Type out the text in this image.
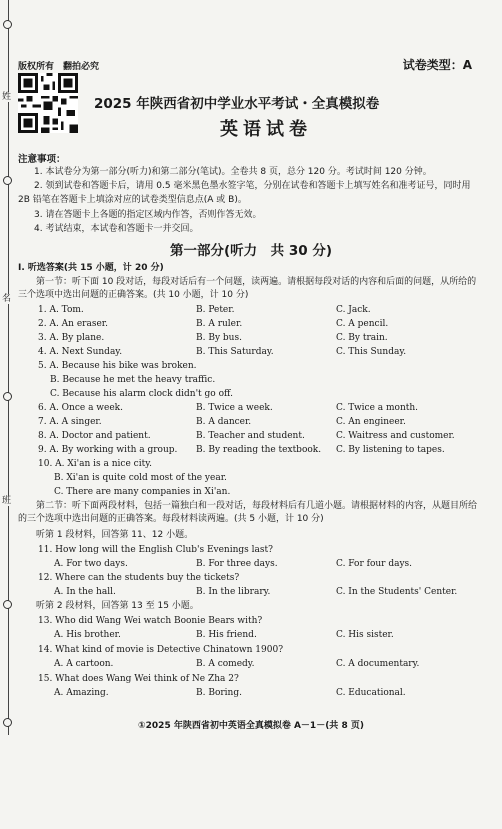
姓
名
班
版权所有　翻拍必究	试卷类型：A
2025 年陕西省初中学业水平考试・全真模拟卷
英语试卷
注意事项：

1. 本试卷分为第一部分(听力)和第二部分(笔试)。全卷共 8 页，总分 120 分。考试时间 120 分钟。

2. 领到试卷和答题卡后，请用 0.5 毫米黑色墨水签字笔，分别在试卷和答题卡上填写姓名和准考证号，同时用 2B 铅笔在答题卡上填涂对应的试卷类型信息点(A 或 B)。

3. 请在答题卡上各题的指定区域内作答，否则作答无效。

4. 考试结束，本试卷和答题卡一并交回。

第一部分(听力　共 30 分)
Ⅰ. 听选答案(共 15 小题，计 20 分)

第一节：听下面 10 段对话，每段对话后有一个问题，读两遍。请根据每段对话的内容和后面的问题，从所给的三个选项中选出问题的正确答案。(共 10 小题，计 10 分)

1. A. Tom.	B. Peter.	C. Jack.
2. A. An eraser.	B. A ruler.	C. A pencil.
3. A. By plane.	B. By bus.	C. By train.
4. A. Next Sunday.	B. This Saturday.	C. This Sunday.
5. A. Because his bike was broken.
B. Because he met the heavy traffic.
C. Because his alarm clock didn't go off.
6. A. Once a week.	B. Twice a week.	C. Twice a month.
7. A. A singer.	B. A dancer.	C. An engineer.
8. A. Doctor and patient.	B. Teacher and student.	C. Waitress and customer.
9. A. By working with a group. B. By reading the textbook. C. By listening to tapes.
10. A. Xi'an is a nice city.
B. Xi'an is quite cold most of the year.
C. There are many companies in Xi'an.

第二节：听下面两段材料，包括一篇独白和一段对话，每段材料后有几道小题。请根据材料的内容，从题目所给的三个选项中选出问题的正确答案。每段材料读两遍。(共 5 小题，计 10 分)

听第 1 段材料，回答第 11、12 小题。
11. How long will the English Club's Evenings last?
A. For two days.	B. For three days.	C. For four days.
12. Where can the students buy the tickets?
A. In the hall.	B. In the library.	C. In the Students' Center.
听第 2 段材料，回答第 13 至 15 小题。
13. Who did Wang Wei watch Boonie Bears with?
A. His brother.	B. His friend.	C. His sister.
14. What kind of movie is Detective Chinatown 1900?
A. A cartoon.	B. A comedy.	C. A documentary.
15. What does Wang Wei think of Ne Zha 2?
A. Amazing.	B. Boring.	C. Educational.
①2025 年陕西省初中英语全真模拟卷 A－1－(共 8 页)
